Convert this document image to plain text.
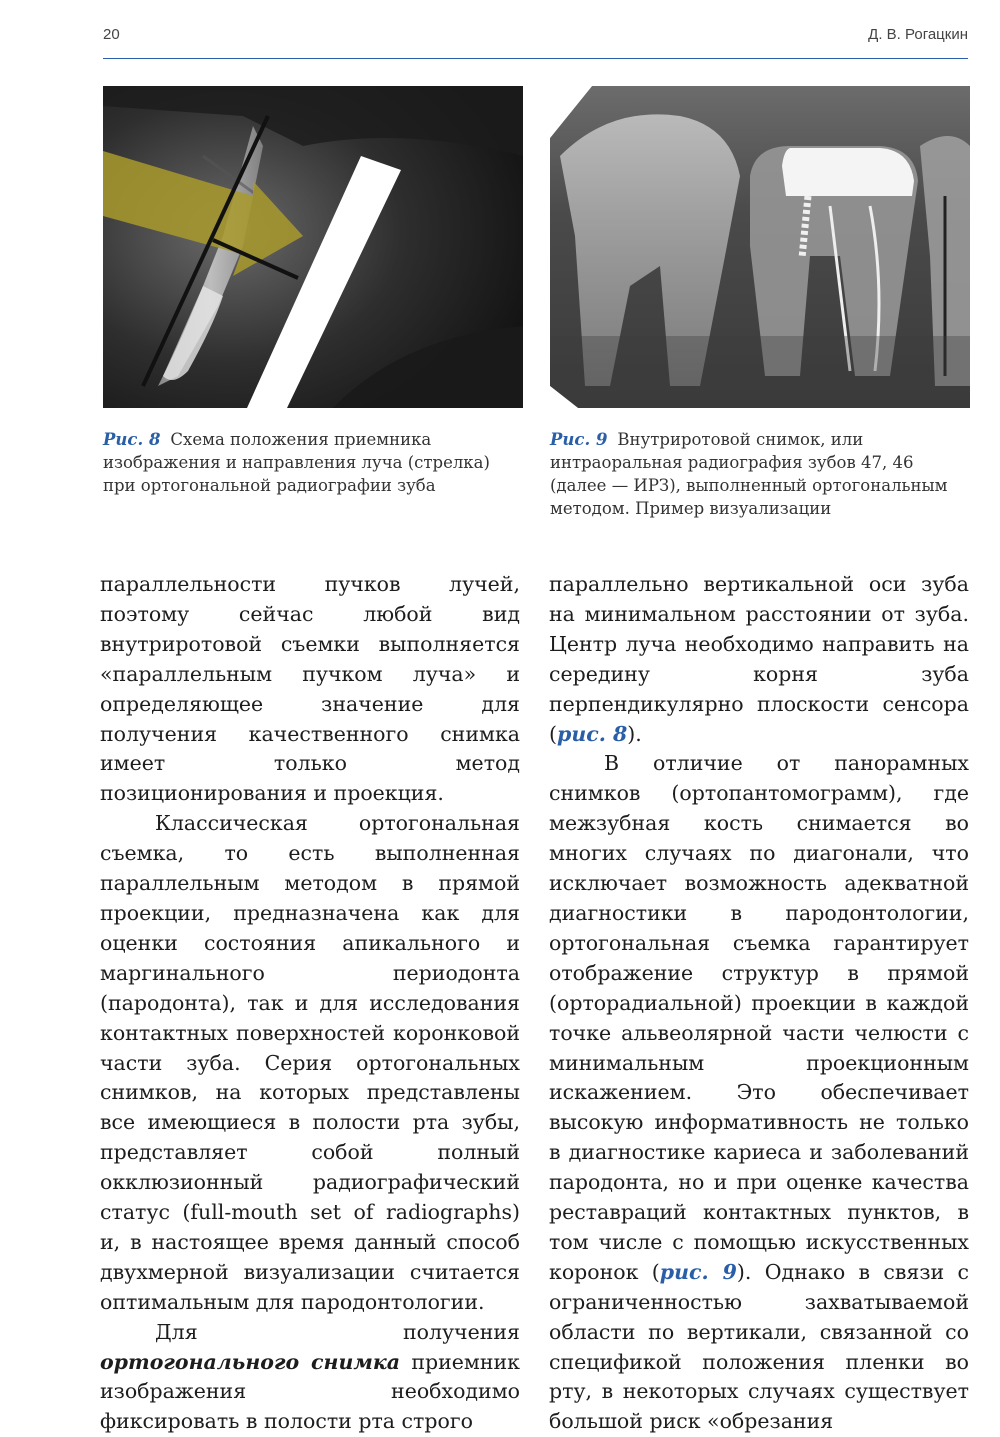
20	Д. В. Рогацкин
Рис. 8 Схема положения приемника изображения и направления луча (стрелка) при ортогональной радиографии зуба
Рис. 9 Внутриротовой снимок, или интраоральная радиография зубов 47, 46 (далее — ИРЗ), выполненный ортогональным методом. Пример визуализации

параллельности пучков лучей, поэтому сейчас любой вид внутриротовой съемки выполняется «параллельным пучком луча» и определяющее значение для получения качественного снимка имеет только метод позиционирования и проекция.

Классическая ортогональная съемка, то есть выполненная параллельным методом в прямой проекции, предназначена как для оценки состояния апикального и маргинального периодонта (пародонта), так и для исследования контактных поверхностей коронковой части зуба. Серия ортогональных снимков, на которых представлены все имеющиеся в полости рта зубы, представляет собой полный окклюзионный радиографический статус (full-mouth set of radiographs) и, в настоящее время данный способ двухмерной визуализации считается оптимальным для пародонтологии.

Для получения ортогонального снимка приемник изображения необходимо фиксировать в полости рта строго

параллельно вертикальной оси зуба на минимальном расстоянии от зуба. Центр луча необходимо направить на середину корня зуба перпендикулярно плоскости сенсора (рис. 8).

В отличие от панорамных снимков (ортопантомограмм), где межзубная кость снимается во многих случаях по диагонали, что исключает возможность адекватной диагностики в пародонтологии, ортогональная съемка гарантирует отображение структур в прямой (орторадиальной) проекции в каждой точке альвеолярной части челюсти с минимальным проекционным искажением. Это обеспечивает высокую информативность не только в диагностике кариеса и заболеваний пародонта, но и при оценке качества реставраций контактных пунктов, в том числе с помощью искусственных коронок (рис. 9). Однако в связи с ограниченностью захватываемой области по вертикали, связанной со спецификой положения пленки во рту, в некоторых случаях существует большой риск «обрезания
